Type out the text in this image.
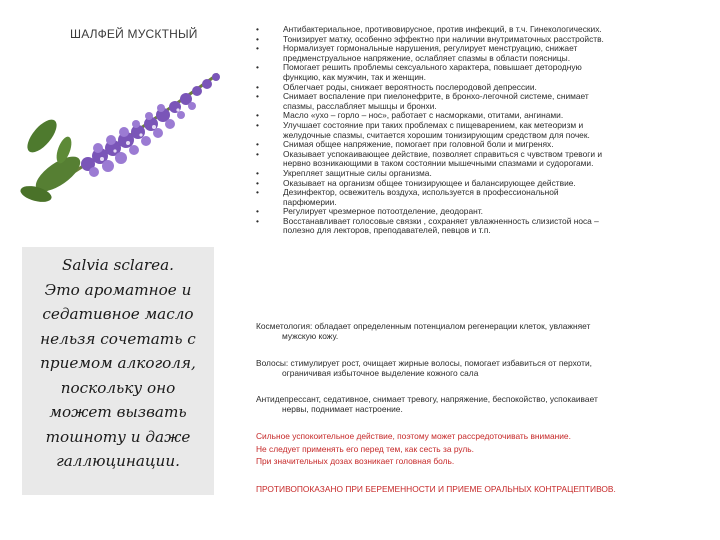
ШАЛФЕЙ МУСКТНЫЙ
Salvia sclarea.
Это ароматное и
седативное масло
нельзя сочетать с
приемом алкоголя,
поскольку оно
может вызвать
тошноту и даже
галлюцинации.
• Антибактериальное, противовирусное, против инфекций, в т.ч. Гинекологических.
• Тонизирует матку, особенно эффектно при наличии внутриматочных расстройств.
• Нормализует гормональные нарушения, регулирует менструацию, снижает
предменструальное напряжение, ослабляет спазмы в области поясницы.
• Помогает решить проблемы сексуального характера, повышает детородную
функцию, как мужчин, так и женщин.
• Облегчает роды, снижает вероятность послеродовой депрессии.
• Снимает воспаление при пиелонефрите, в бронхо-легочной системе, снимает
спазмы, расслабляет мышцы и бронхи.
• Масло «ухо – горло – нос», работает с насморками, отитами, ангинами.
• Улучшает состояние при таких проблемах с пищеварением, как метеоризм и
желудочные спазмы, считается хорошим тонизирующим средством для почек.
• Снимая общее напряжение, помогает при головной боли и мигренях.
• Оказывает успокаивающее действие, позволяет справиться с чувством тревоги и
нервно возникающими в таком состоянии мышечными спазмами и судорогами.
• Укрепляет защитные силы организма.
• Оказывает на организм общее тонизирующее и балансирующее действие.
• Дезинфектор, освежитель воздуха, используется в профессиональной
парфюмерии.
• Регулирует чрезмерное потоотделение, деодорант.
• Восстанавливает голосовые связки , сохраняет увлажненность слизистой носа –
полезно для лекторов, преподавателей, певцов и т.п.
Косметология: обладает определенным потенциалом регенерации клеток, увлажняет
мужскую кожу.
Волосы: стимулирует рост, очищает жирные волосы, помогает избавиться от перхоти,
ограничивая избыточное выделение кожного сала
Антидепрессант, седативное, снимает тревогу, напряжение, беспокойство, успокаивает
нервы, поднимает настроение.
Сильное успокоительное действие, поэтому может рассредоточивать внимание.
Не следует применять его перед тем, как сесть за руль.
При значительных дозах возникает головная боль.
ПРОТИВОПОКАЗАНО ПРИ БЕРЕМЕННОСТИ И ПРИЕМЕ ОРАЛЬНЫХ КОНТРАЦЕПТИВОВ.
